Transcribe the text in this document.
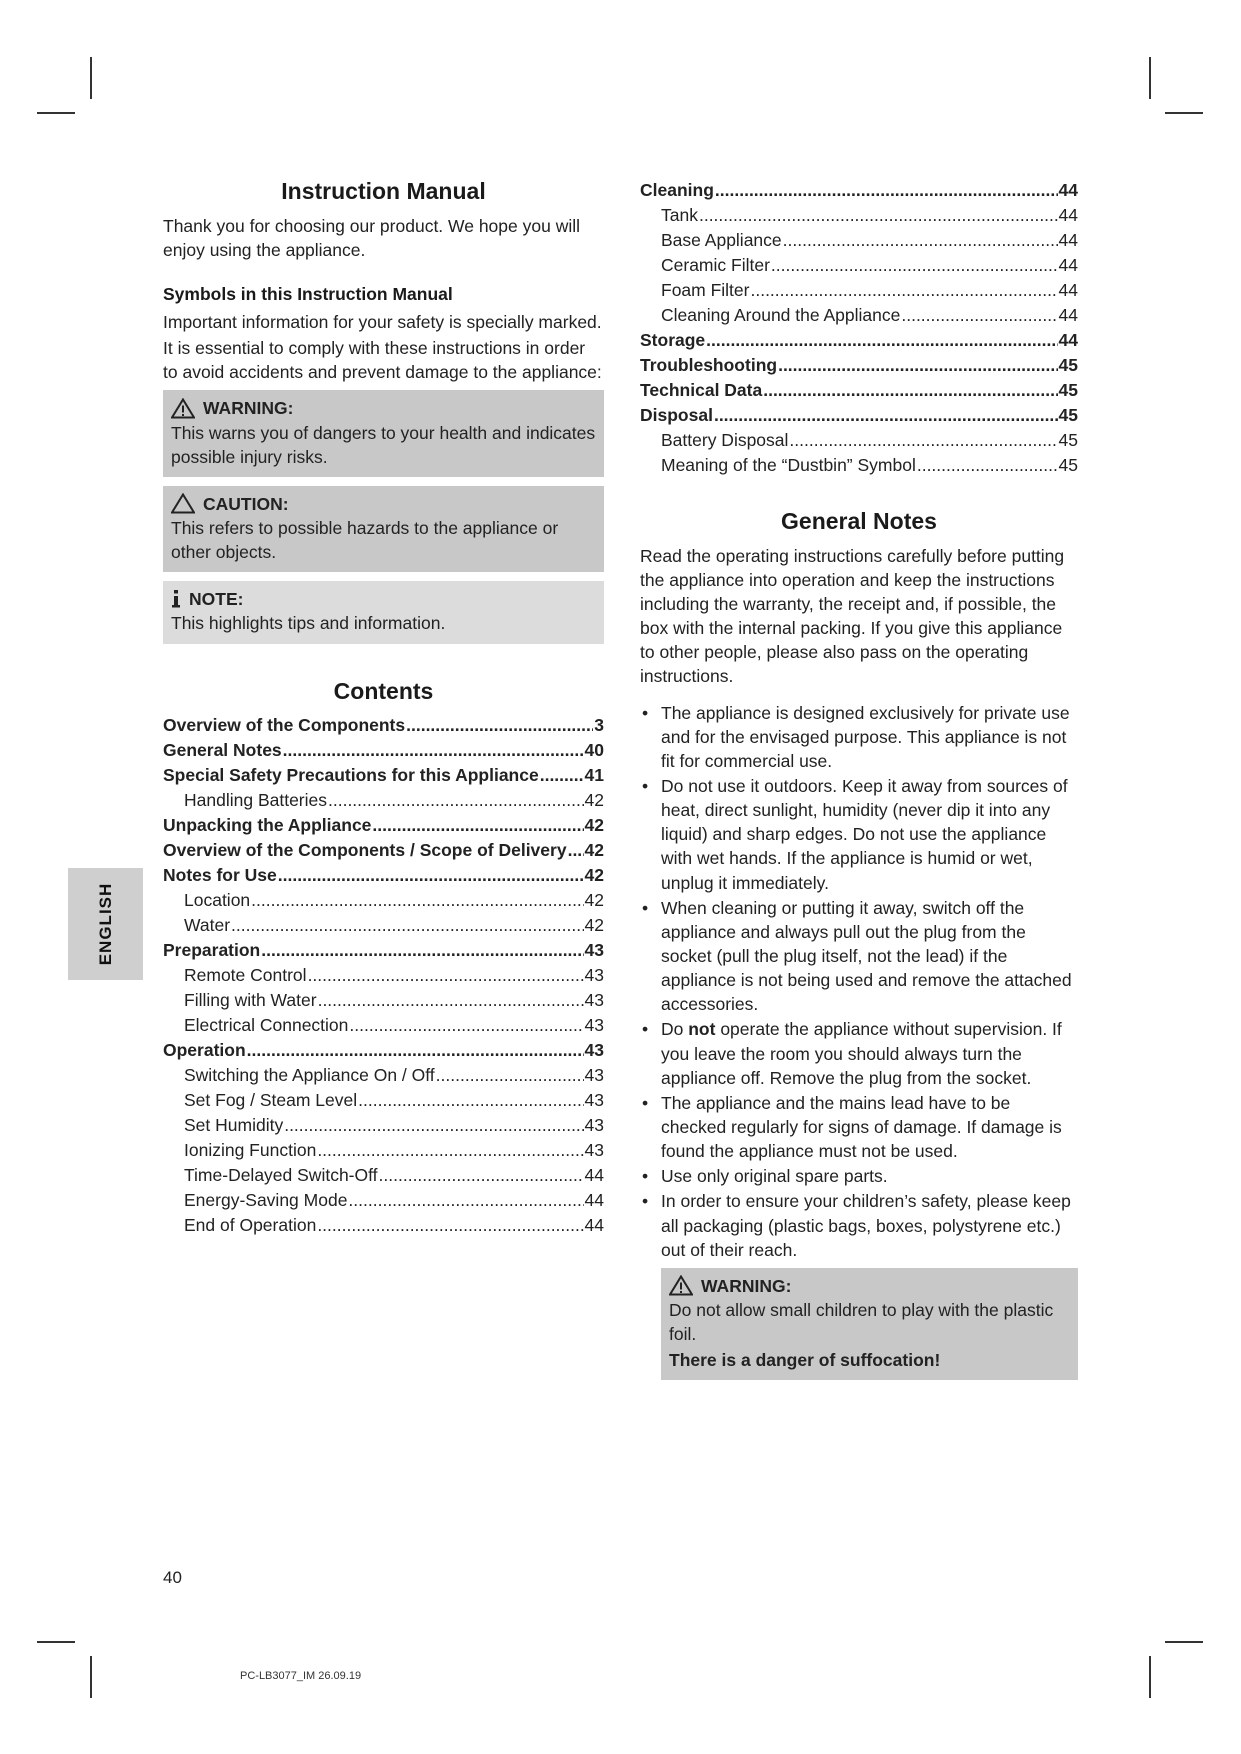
ENGLISH
Instruction Manual

Thank you for choosing our product. We hope you will enjoy using the appliance.

Symbols in this Instruction Manual

Important information for your safety is specially marked.

It is essential to comply with these instructions in order to avoid accidents and prevent damage to the appliance:

WARNING:

This warns you of dangers to your health and indicates possible injury risks.

CAUTION:

This refers to possible hazards to the appliance or other objects.

NOTE:

This highlights tips and information.

Contents
Overview of the Components .....	3
General Notes .....	40
Special Safety Precautions for this Appliance .....	41
Handling Batteries .....	42
Unpacking the Appliance .....	42
Overview of the Components / Scope of Delivery ..... 42
Notes for Use .....	42
Location .....	42
Water .....	42
Preparation .....	43
Remote Control .....	43
Filling with Water .....	43
Electrical Connection .....	43
Operation .....	43
Switching the Appliance On / Off .....	43
Set Fog / Steam Level .....	43
Set Humidity .....	43
Ionizing Function .....	43
Time-Delayed Switch-Off .....	44
Energy-Saving Mode .....	44
End of Operation .....	44
Cleaning .....	44
Tank .....	44
Base Appliance .....	44
Ceramic Filter .....	44
Foam Filter .....	44
Cleaning Around the Appliance .....	44
Storage .....	44
Troubleshooting .....	45
Technical Data .....	45
Disposal .....	45
Battery Disposal .....	45
Meaning of the “Dustbin” Symbol .....	45
General Notes

Read the operating instructions carefully before putting the appliance into operation and keep the instructions including the warranty, the receipt and, if possible, the box with the internal packing. If you give this appliance to other people, please also pass on the operating instructions.

• The appliance is designed exclusively for private use and for the envisaged purpose. This appliance is not fit for commercial use.
• Do not use it outdoors. Keep it away from sources of heat, direct sunlight, humidity (never dip it into any liquid) and sharp edges. Do not use the appliance with wet hands. If the appliance is humid or wet, unplug it immediately.
• When cleaning or putting it away, switch off the appliance and always pull out the plug from the socket (pull the plug itself, not the lead) if the appliance is not being used and remove the attached accessories.
• Do not operate the appliance without supervision. If you leave the room you should always turn the appliance off. Remove the plug from the socket.
• The appliance and the mains lead have to be checked regularly for signs of damage. If damage is found the appliance must not be used.
• Use only original spare parts.
• In order to ensure your children’s safety, please keep all packaging (plastic bags, boxes, polystyrene etc.) out of their reach.
WARNING:

Do not allow small children to play with the plastic foil.

There is a danger of suffocation!

40
PC-LB3077_IM 26.09.19
